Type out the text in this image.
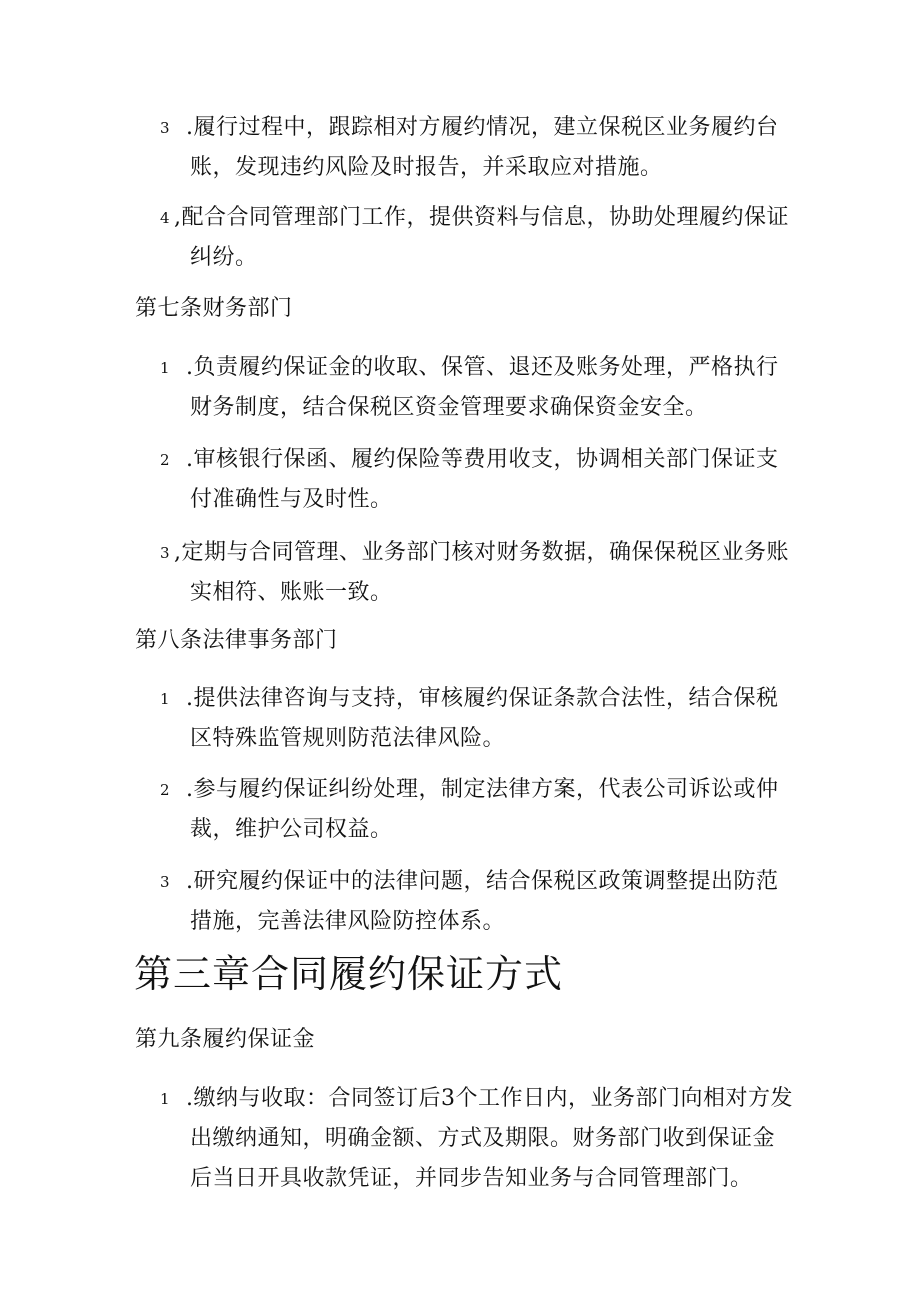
3 .履行过程中，跟踪相对方履约情况，建立保税区业务履约台
账，发现违约风险及时报告，并采取应对措施。
4 ,配合合同管理部门工作，提供资料与信息，协助处理履约保证
纠纷。
第七条财务部门
1 .负责履约保证金的收取、保管、退还及账务处理，严格执行
财务制度，结合保税区资金管理要求确保资金安全。
2 .审核银行保函、履约保险等费用收支，协调相关部门保证支
付准确性与及时性。
3 ,定期与合同管理、业务部门核对财务数据，确保保税区业务账
实相符、账账一致。
第八条法律事务部门
1 .提供法律咨询与支持，审核履约保证条款合法性，结合保税
区特殊监管规则防范法律风险。
2 .参与履约保证纠纷处理，制定法律方案，代表公司诉讼或仲
裁，维护公司权益。
3 .研究履约保证中的法律问题，结合保税区政策调整提出防范
措施，完善法律风险防控体系。
第三章合同履约保证方式
第九条履约保证金
1 .缴纳与收取：合同签订后3个工作日内，业务部门向相对方发
出缴纳通知，明确金额、方式及期限。财务部门收到保证金
后当日开具收款凭证，并同步告知业务与合同管理部门。
